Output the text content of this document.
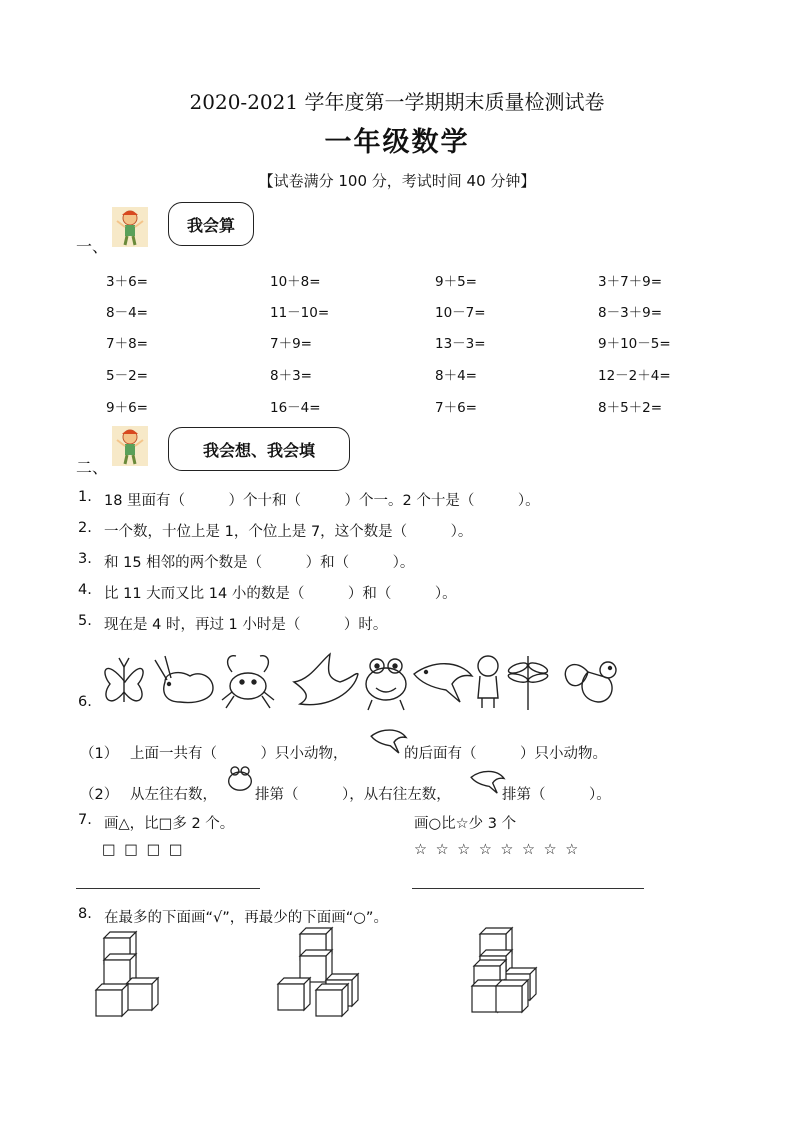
2020-2021 学年度第一学期期末质量检测试卷
一年级数学
【试卷满分 100 分，考试时间 40 分钟】
一、
我会算
3＋6=	10＋8=	9＋5=	3＋7＋9=
8－4=	11－10=	10－7=	8－3＋9=
7＋8=	7＋9=	13－3=	9＋10－5=
5－2=	8＋3=	8＋4=	12－2＋4=
9＋6=	16－4=	7＋6=	8＋5＋2=
二、
我会想、我会填
1. 18 里面有（　　　）个十和（　　　）个一。2 个十是（　　　）。
2. 一个数，十位上是 1，个位上是 7，这个数是（　　　）。
3. 和 15 相邻的两个数是（　　　）和（　　　）。
4. 比 11 大而又比 14 小的数是（　　　）和（　　　）。
5. 现在是 4 时，再过 1 小时是（　　　）时。
6.
（1） 上面一共有（　　　）只小动物，	的后面有（　　　）只小动物。
（2） 从左往右数，	排第（　　　），从右往左数，	排第（　　　）。
7. 画△，比□多 2 个。	画○比☆少 3 个
□ □ □ □	☆ ☆ ☆ ☆ ☆ ☆ ☆ ☆
8. 在最多的下面画“√”，再最少的下面画“○”。
